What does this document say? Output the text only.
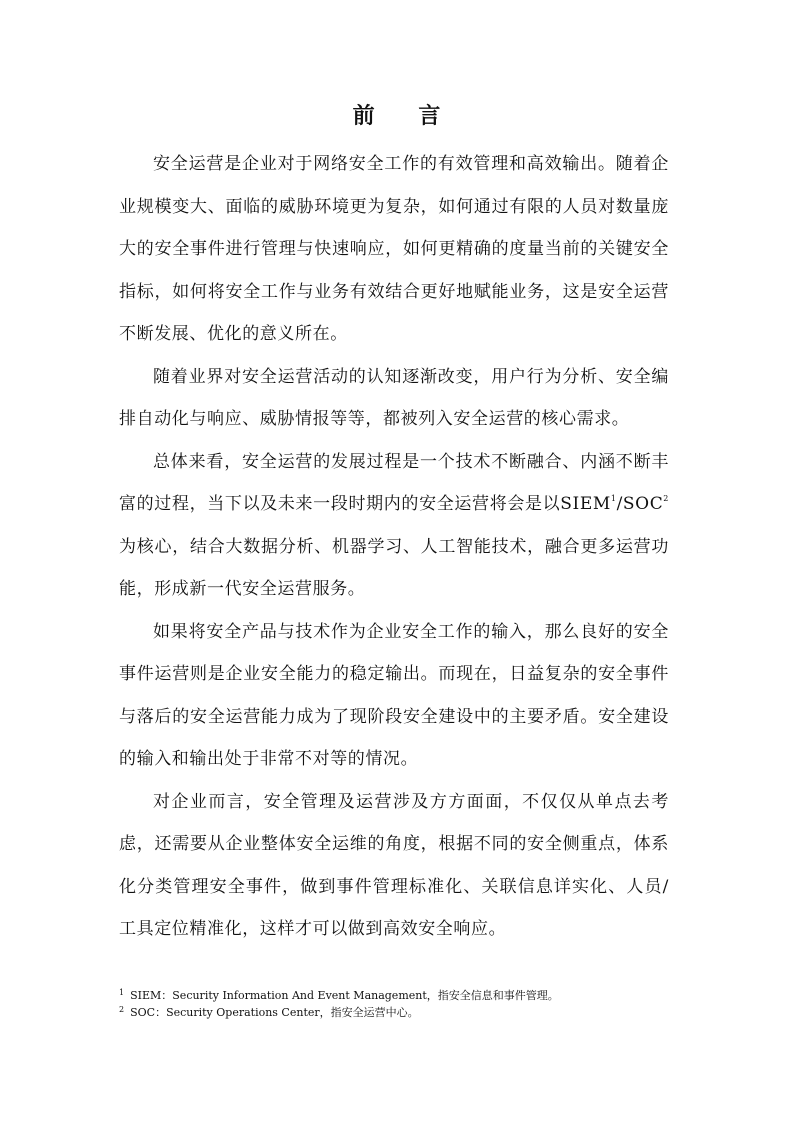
前 言

安全运营是企业对于网络安全工作的有效管理和高效输出。随着企业规模变大、面临的威胁环境更为复杂，如何通过有限的人员对数量庞大的安全事件进行管理与快速响应，如何更精确的度量当前的关键安全指标，如何将安全工作与业务有效结合更好地赋能业务，这是安全运营不断发展、优化的意义所在。

随着业界对安全运营活动的认知逐渐改变，用户行为分析、安全编排自动化与响应、威胁情报等等，都被列入安全运营的核心需求。

总体来看，安全运营的发展过程是一个技术不断融合、内涵不断丰富的过程，当下以及未来一段时期内的安全运营将会是以SIEM$^1$/SOC$^2$为核心，结合大数据分析、机器学习、人工智能技术，融合更多运营功能，形成新一代安全运营服务。

如果将安全产品与技术作为企业安全工作的输入，那么良好的安全事件运营则是企业安全能力的稳定输出。而现在，日益复杂的安全事件与落后的安全运营能力成为了现阶段安全建设中的主要矛盾。安全建设的输入和输出处于非常不对等的情况。

对企业而言，安全管理及运营涉及方方面面，不仅仅从单点去考虑，还需要从企业整体安全运维的角度，根据不同的安全侧重点，体系化分类管理安全事件，做到事件管理标准化、关联信息详实化、人员/工具定位精准化，这样才可以做到高效安全响应。

$^1$ SIEM：Security Information And Event Management，指安全信息和事件管理。

$^2$ SOC：Security Operations Center，指安全运营中心。
